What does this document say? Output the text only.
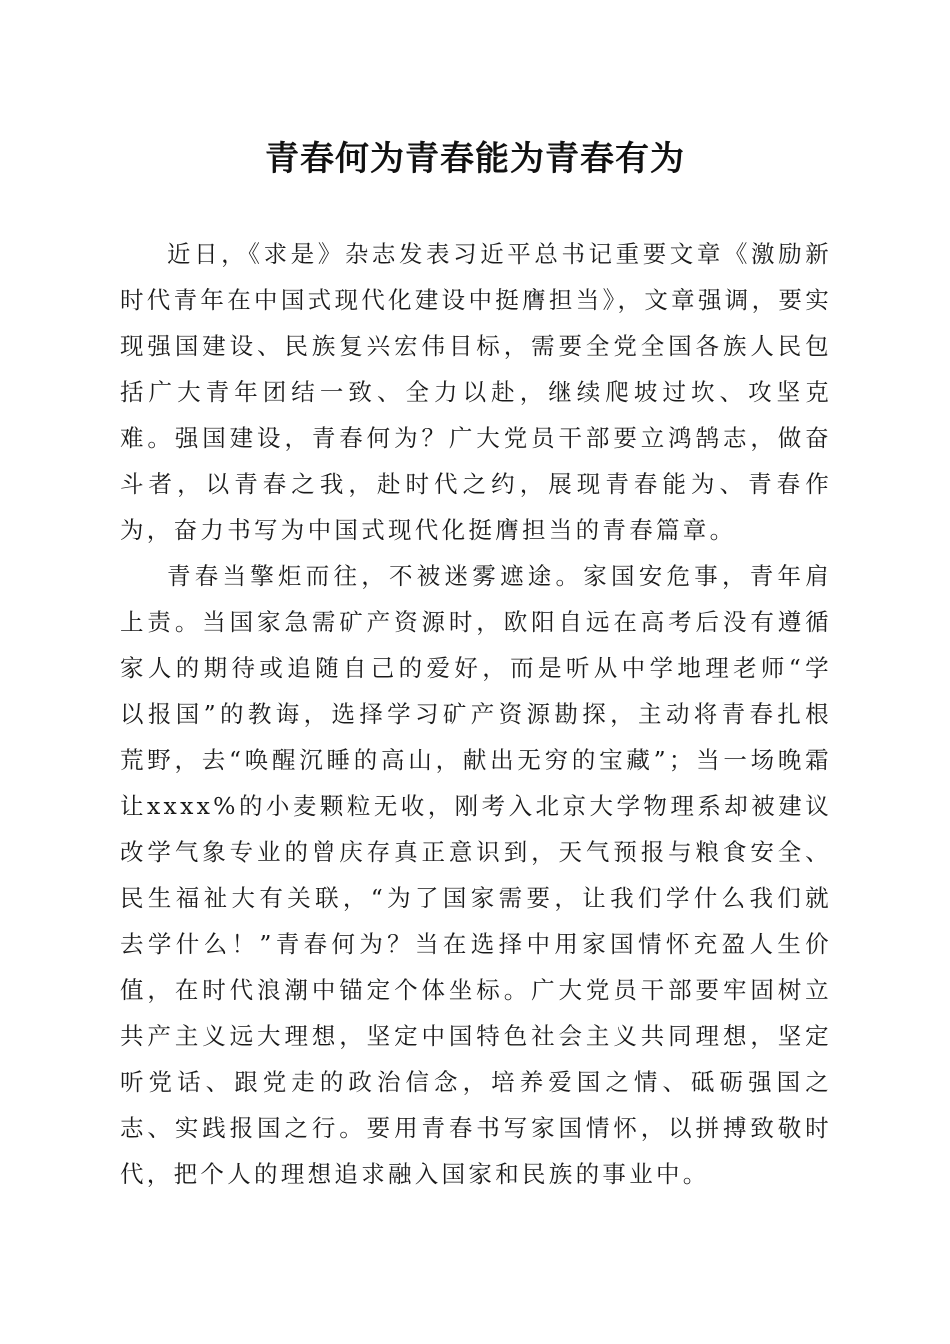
青春何为青春能为青春有为

近日，《求是》杂志发表习近平总书记重要文章《激励新时代青年在中国式现代化建设中挺膺担当》，文章强调，要实现强国建设、民族复兴宏伟目标，需要全党全国各族人民包括广大青年团结一致、全力以赴，继续爬坡过坎、攻坚克难。强国建设，青春何为？广大党员干部要立鸿鹄志，做奋斗者，以青春之我，赴时代之约，展现青春能为、青春作为，奋力书写为中国式现代化挺膺担当的青春篇章。

青春当擎炬而往，不被迷雾遮途。家国安危事，青年肩上责。当国家急需矿产资源时，欧阳自远在高考后没有遵循家人的期待或追随自己的爱好，而是听从中学地理老师“学以报国”的教诲，选择学习矿产资源勘探，主动将青春扎根荒野，去“唤醒沉睡的高山，献出无穷的宝藏”；当一场晚霜让xxxx%的小麦颗粒无收，刚考入北京大学物理系却被建议改学气象专业的曾庆存真正意识到，天气预报与粮食安全、民生福祉大有关联，“为了国家需要，让我们学什么我们就去学什么！”青春何为？当在选择中用家国情怀充盈人生价值，在时代浪潮中锚定个体坐标。广大党员干部要牢固树立共产主义远大理想，坚定中国特色社会主义共同理想，坚定听党话、跟党走的政治信念，培养爱国之情、砥砺强国之志、实践报国之行。要用青春书写家国情怀，以拼搏致敬时代，把个人的理想追求融入国家和民族的事业中。
